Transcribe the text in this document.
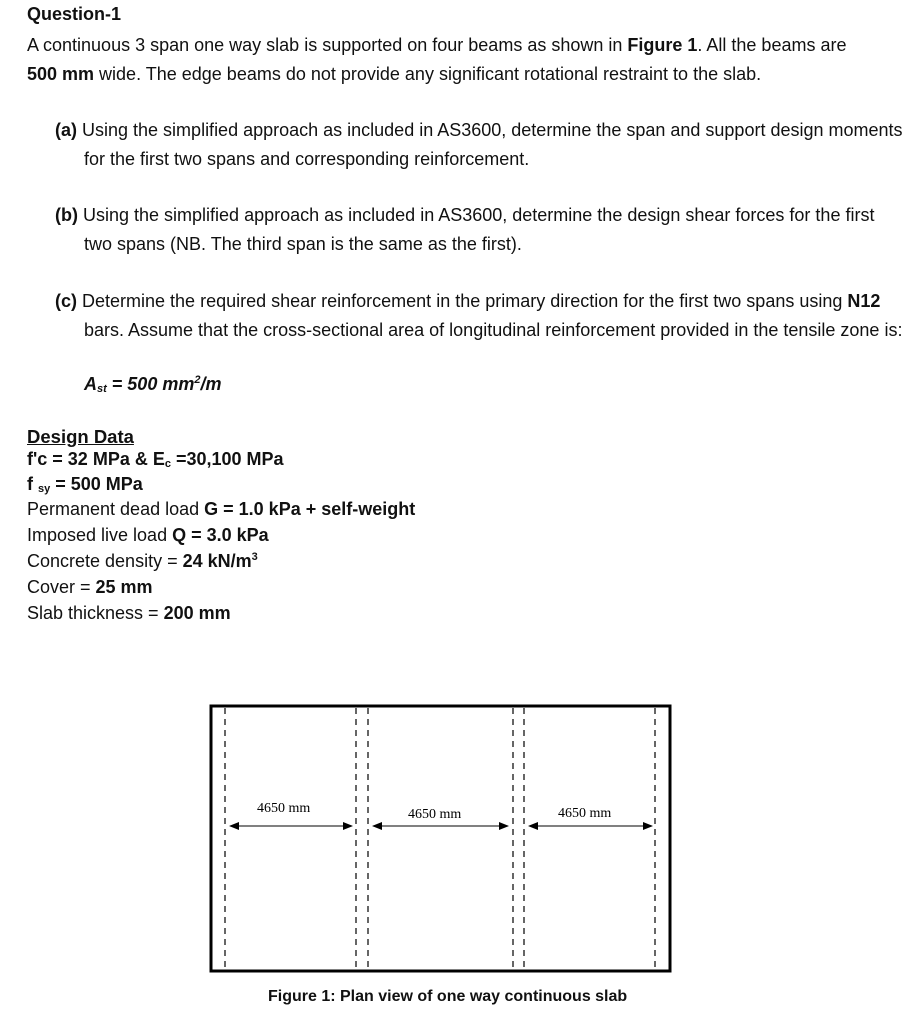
Question-1
A continuous 3 span one way slab is supported on four beams as shown in Figure 1. All the beams are 500 mm wide. The edge beams do not provide any significant rotational restraint to the slab.
(a) Using the simplified approach as included in AS3600, determine the span and support design moments for the first two spans and corresponding reinforcement.
(b) Using the simplified approach as included in AS3600, determine the design shear forces for the first two spans (NB. The third span is the same as the first).
(c) Determine the required shear reinforcement in the primary direction for the first two spans using N12 bars. Assume that the cross-sectional area of longitudinal reinforcement provided in the tensile zone is:
$A_{st} = 500$ $mm^2/m$
Design Data
f'c = 32 MPa & Ec =30,100 MPa
f sy = 500 MPa
Permanent dead load G = 1.0 kPa + self-weight
Imposed live load Q = 3.0 kPa
Concrete density = 24 $kN/m^3$
Cover = 25 mm
Slab thickness = 200 mm
4650 mm	4650 mm	4650 mm
Figure 1: Plan view of one way continuous slab
